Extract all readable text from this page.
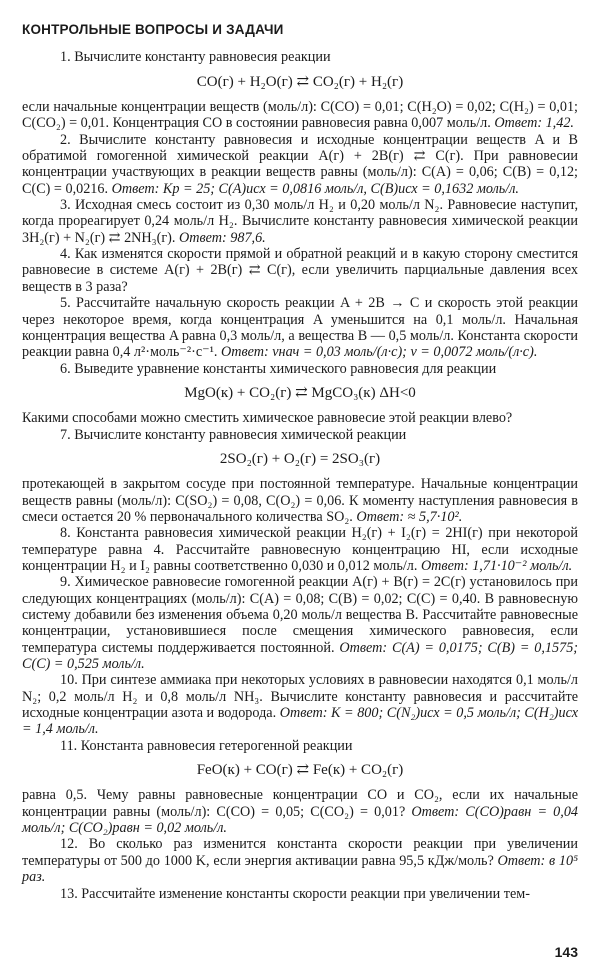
КОНТРОЛЬНЫЕ ВОПРОСЫ И ЗАДАЧИ

1. Вычислите константу равновесия реакции

CO(г) + H₂O(г) ⇄ CO₂(г) + H₂(г)

если начальные концентрации веществ (моль/л): C(CO) = 0,01; C(H₂O) = 0,02; C(H₂) = 0,01; C(CO₂) = 0,01. Концентрация CO в состоянии равновесия равна 0,007 моль/л. Ответ: 1,42.

2. Вычислите константу равновесия и исходные концентрации веществ A и B обратимой гомогенной химической реакции A(г) + 2B(г) ⇄ C(г). При равновесии концентрации участвующих в реакции веществ равны (моль/л): C(A) = 0,06; C(B) = 0,12; C(C) = 0,0216. Ответ: Kp = 25; C(A)исх = 0,0816 моль/л, C(B)исх = 0,1632 моль/л.

3. Исходная смесь состоит из 0,30 моль/л H₂ и 0,20 моль/л N₂. Равновесие наступит, когда прореагирует 0,24 моль/л H₂. Вычислите константу равновесия химической реакции 3H₂(г) + N₂(г) ⇄ 2NH₃(г). Ответ: 987,6.

4. Как изменятся скорости прямой и обратной реакций и в какую сторону сместится равновесие в системе A(г) + 2B(г) ⇄ C(г), если увеличить парциальные давления всех веществ в 3 раза?

5. Рассчитайте начальную скорость реакции A + 2B → C и скорость этой реакции через некоторое время, когда концентрация A уменьшится на 0,1 моль/л. Начальная концентрация вещества A равна 0,3 моль/л, а вещества B — 0,5 моль/л. Константа скорости реакции равна 0,4 л²·моль⁻²·с⁻¹. Ответ: vнач = 0,03 моль/(л·с); v = 0,0072 моль/(л·с).

6. Выведите уравнение константы химического равновесия для реакции

MgO(к) + CO₂(г) ⇄ MgCO₃(к) ΔH<0

Какими способами можно сместить химическое равновесие этой реакции влево?

7. Вычислите константу равновесия химической реакции

2SO₂(г) + O₂(г) = 2SO₃(г)

протекающей в закрытом сосуде при постоянной температуре. Начальные концентрации веществ равны (моль/л): C(SO₂) = 0,08, C(O₂) = 0,06. К моменту наступления равновесия в смеси остается 20 % первоначального количества SO₂. Ответ: ≈ 5,7·10².

8. Константа равновесия химической реакции H₂(г) + I₂(г) = 2HI(г) при некоторой температуре равна 4. Рассчитайте равновесную концентрацию HI, если исходные концентрации H₂ и I₂ равны соответственно 0,030 и 0,012 моль/л. Ответ: 1,71·10⁻² моль/л.

9. Химическое равновесие гомогенной реакции A(г) + B(г) = 2C(г) установилось при следующих концентрациях (моль/л): C(A) = 0,08; C(B) = 0,02; C(C) = 0,40. В равновесную систему добавили без изменения объема 0,20 моль/л вещества B. Рассчитайте равновесные концентрации, установившиеся после смещения химического равновесия, если температура системы поддерживается постоянной. Ответ: C(A) = 0,0175; C(B) = 0,1575; C(C) = 0,525 моль/л.

10. При синтезе аммиака при некоторых условиях в равновесии находятся 0,1 моль/л N₂; 0,2 моль/л H₂ и 0,8 моль/л NH₃. Вычислите константу равновесия и рассчитайте исходные концентрации азота и водорода. Ответ: K = 800; C(N₂)исх = 0,5 моль/л; C(H₂)исх = 1,4 моль/л.

11. Константа равновесия гетерогенной реакции

FeO(к) + CO(г) ⇄ Fe(к) + CO₂(г)

равна 0,5. Чему равны равновесные концентрации CO и CO₂, если их начальные концентрации равны (моль/л): C(CO) = 0,05; C(CO₂) = 0,01? Ответ: C(CO)равн = 0,04 моль/л; C(CO₂)равн = 0,02 моль/л.

12. Во сколько раз изменится константа скорости реакции при увеличении температуры от 500 до 1000 K, если энергия активации равна 95,5 кДж/моль? Ответ: в 10⁵ раз.

13. Рассчитайте изменение константы скорости реакции при увеличении тем-

143
